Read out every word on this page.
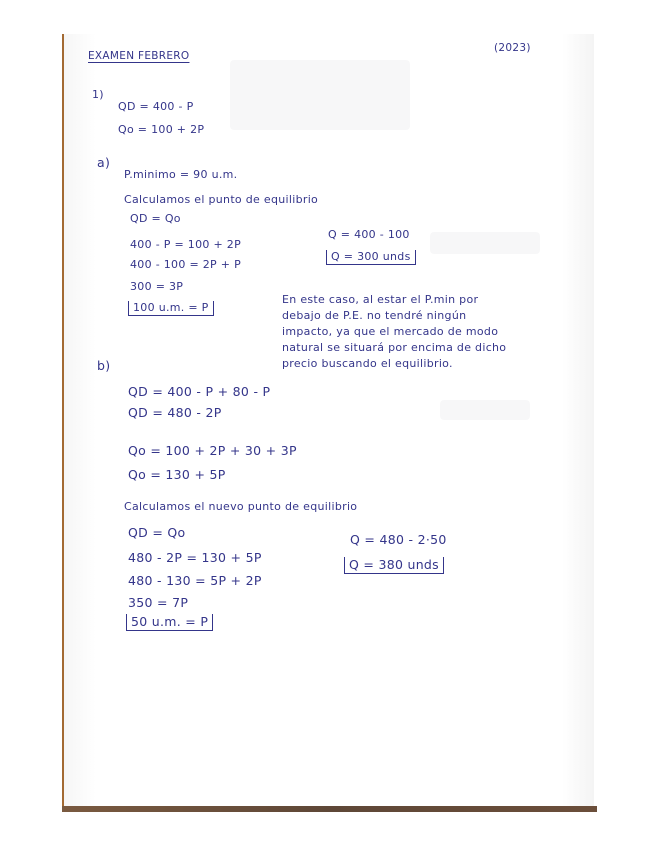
EXAMEN FEBRERO
(2023)
1)
QD = 400 - P
Qo = 100 + 2P
a)
P.minimo = 90 u.m.
Calculamos el punto de equilibrio
QD = Qo
400 - P = 100 + 2P
400 - 100 = 2P + P
300 = 3P
100 u.m. = P
Q = 400 - 100
Q = 300 unds
En este caso, al estar el P.min por
debajo de P.E. no tendré ningún
impacto, ya que el mercado de modo
natural se situará por encima de dicho
precio buscando el equilibrio.
b)
QD = 400 - P + 80 - P
QD = 480 - 2P
Qo = 100 + 2P + 30 + 3P
Qo = 130 + 5P
Calculamos el nuevo punto de equilibrio
QD = Qo
480 - 2P = 130 + 5P
480 - 130 = 5P + 2P
350 = 7P
50 u.m. = P
Q = 480 - 2·50
Q = 380 unds
